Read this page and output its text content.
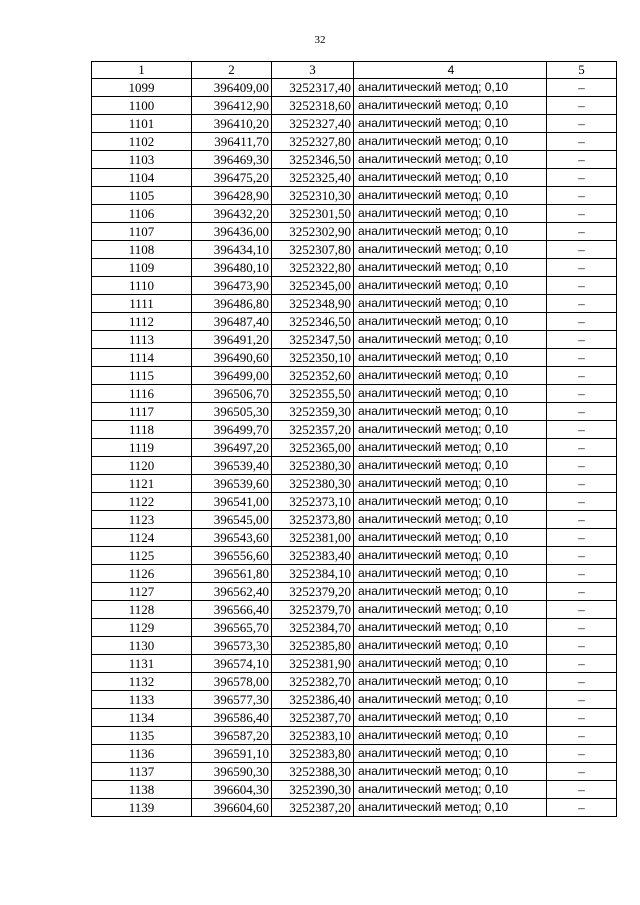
32
1	2	3	4	5
1099	396409,00	3252317,40	аналитический метод; 0,10	–
1100	396412,90	3252318,60	аналитический метод; 0,10	–
1101	396410,20	3252327,40	аналитический метод; 0,10	–
1102	396411,70	3252327,80	аналитический метод; 0,10	–
1103	396469,30	3252346,50	аналитический метод; 0,10	–
1104	396475,20	3252325,40	аналитический метод; 0,10	–
1105	396428,90	3252310,30	аналитический метод; 0,10	–
1106	396432,20	3252301,50	аналитический метод; 0,10	–
1107	396436,00	3252302,90	аналитический метод; 0,10	–
1108	396434,10	3252307,80	аналитический метод; 0,10	–
1109	396480,10	3252322,80	аналитический метод; 0,10	–
1110	396473,90	3252345,00	аналитический метод; 0,10	–
1111	396486,80	3252348,90	аналитический метод; 0,10	–
1112	396487,40	3252346,50	аналитический метод; 0,10	–
1113	396491,20	3252347,50	аналитический метод; 0,10	–
1114	396490,60	3252350,10	аналитический метод; 0,10	–
1115	396499,00	3252352,60	аналитический метод; 0,10	–
1116	396506,70	3252355,50	аналитический метод; 0,10	–
1117	396505,30	3252359,30	аналитический метод; 0,10	–
1118	396499,70	3252357,20	аналитический метод; 0,10	–
1119	396497,20	3252365,00	аналитический метод; 0,10	–
1120	396539,40	3252380,30	аналитический метод; 0,10	–
1121	396539,60	3252380,30	аналитический метод; 0,10	–
1122	396541,00	3252373,10	аналитический метод; 0,10	–
1123	396545,00	3252373,80	аналитический метод; 0,10	–
1124	396543,60	3252381,00	аналитический метод; 0,10	–
1125	396556,60	3252383,40	аналитический метод; 0,10	–
1126	396561,80	3252384,10	аналитический метод; 0,10	–
1127	396562,40	3252379,20	аналитический метод; 0,10	–
1128	396566,40	3252379,70	аналитический метод; 0,10	–
1129	396565,70	3252384,70	аналитический метод; 0,10	–
1130	396573,30	3252385,80	аналитический метод; 0,10	–
1131	396574,10	3252381,90	аналитический метод; 0,10	–
1132	396578,00	3252382,70	аналитический метод; 0,10	–
1133	396577,30	3252386,40	аналитический метод; 0,10	–
1134	396586,40	3252387,70	аналитический метод; 0,10	–
1135	396587,20	3252383,10	аналитический метод; 0,10	–
1136	396591,10	3252383,80	аналитический метод; 0,10	–
1137	396590,30	3252388,30	аналитический метод; 0,10	–
1138	396604,30	3252390,30	аналитический метод; 0,10	–
1139	396604,60	3252387,20	аналитический метод; 0,10	–
